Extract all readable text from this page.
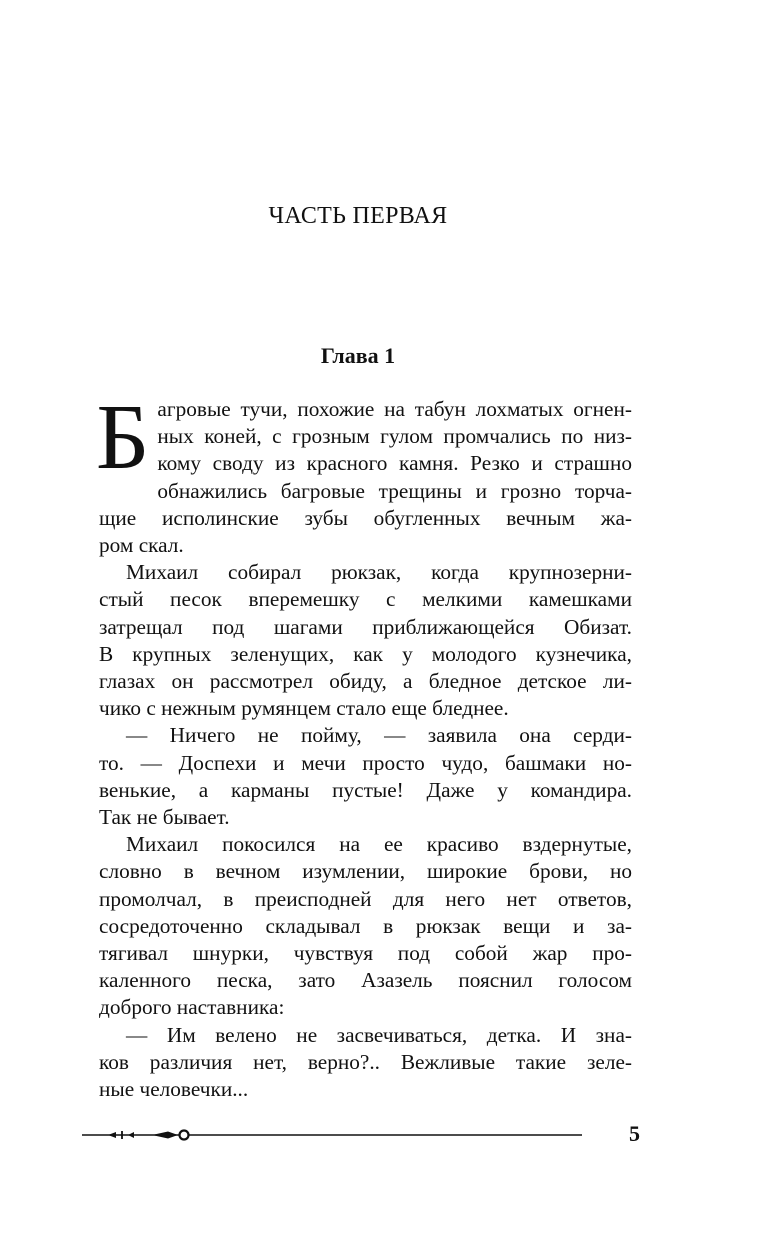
ЧАСТЬ ПЕРВАЯ
Глава 1
Б агровые тучи, похожие на табун лохматых огнен-

ных коней, с грозным гулом промчались по низ-

кому своду из красного камня. Резко и страшно

обнажились багровые трещины и грозно торча-

щие исполинские зубы обугленных вечным жа-

ром скал.

Михаил собирал рюкзак, когда крупнозерни-

стый песок вперемешку с мелкими камешками

затрещал под шагами приближающейся Обизат.

В крупных зеленущих, как у молодого кузнечика,

глазах он рассмотрел обиду, а бледное детское ли-

чико с нежным румянцем стало еще бледнее.

— Ничего не пойму, — заявила она серди-

то. — Доспехи и мечи просто чудо, башмаки но-

венькие, а карманы пустые! Даже у командира.

Так не бывает.

Михаил покосился на ее красиво вздернутые,

словно в вечном изумлении, широкие брови, но

промолчал, в преисподней для него нет ответов,

сосредоточенно складывал в рюкзак вещи и за-

тягивал шнурки, чувствуя под собой жар про-

каленного песка, зато Азазель пояснил голосом

доброго наставника:

— Им велено не засвечиваться, детка. И зна-

ков различия нет, верно?.. Вежливые такие зеле-

ные человечки...

5
